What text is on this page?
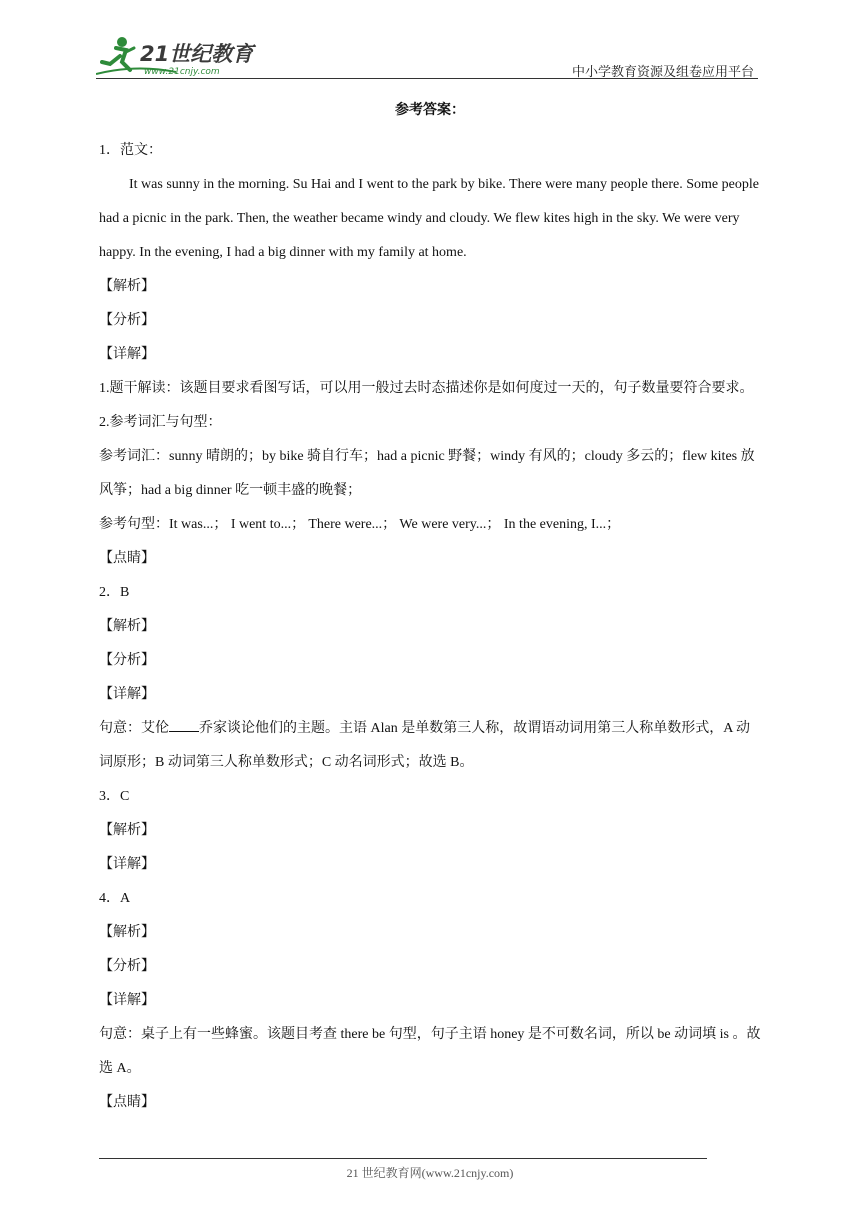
21世纪教育
www.21cnjy.com	中小学教育资源及组卷应用平台
参考答案：
1．范文：
It was sunny in the morning. Su Hai and I went to the park by bike. There were many people there. Some people had a picnic in the park. Then, the weather became windy and cloudy. We flew kites high in the sky. We were very happy. In the evening, I had a big dinner with my family at home.
【解析】
【分析】
【详解】
1.题干解读：该题目要求看图写话，可以用一般过去时态描述你是如何度过一天的，句子数量要符合要求。
2.参考词汇与句型：
参考词汇：sunny 晴朗的；by bike 骑自行车；had a picnic 野餐；windy 有风的；cloudy 多云的；flew kites 放风筝；had a big dinner 吃一顿丰盛的晚餐；
参考句型：It was...； I went to...； There were...； We were very...； In the evening, I...；
【点睛】
2．B
【解析】
【分析】
【详解】
句意：艾伦 乔家谈论他们的主题。主语 Alan 是单数第三人称，故谓语动词用第三人称单数形式，A 动词原形；B 动词第三人称单数形式；C 动名词形式；故选 B。
3．C
【解析】
【详解】
4．A
【解析】
【分析】
【详解】
句意：桌子上有一些蜂蜜。该题目考查 there be 句型，句子主语 honey 是不可数名词，所以 be 动词填 is 。故选 A。
【点睛】
21 世纪教育网(www.21cnjy.com)
